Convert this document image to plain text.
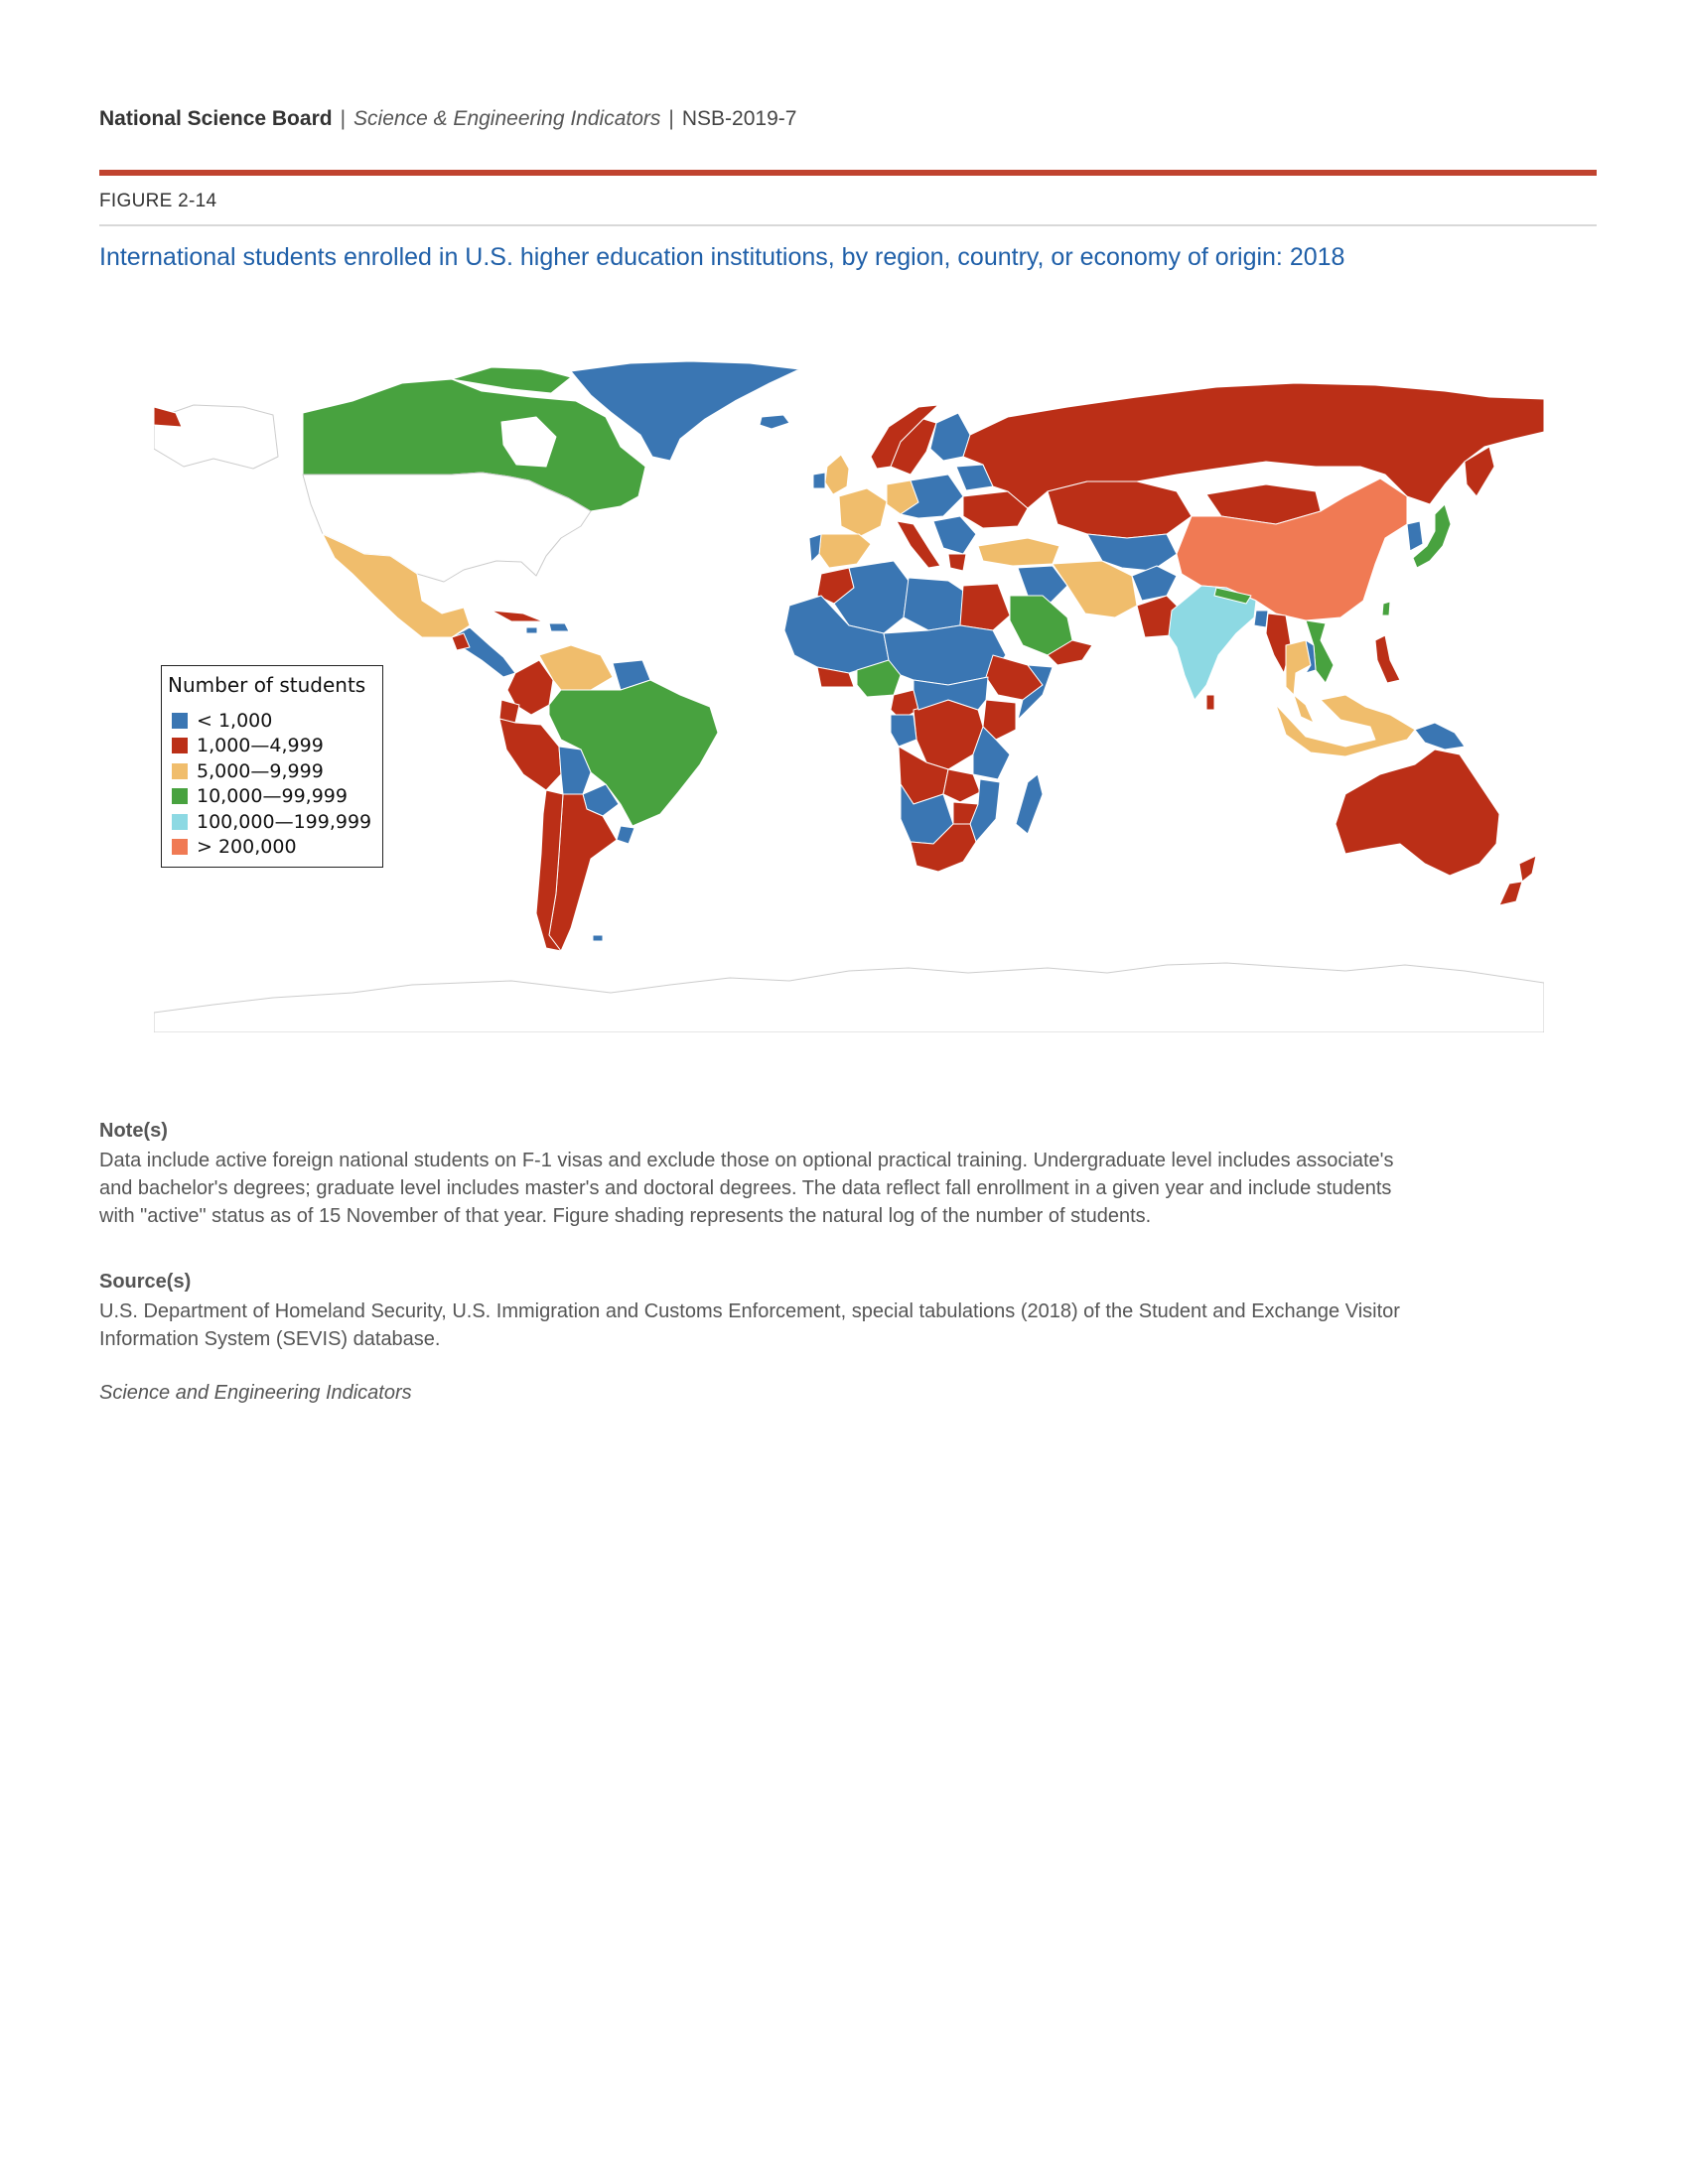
National Science Board | Science & Engineering Indicators | NSB-2019-7
FIGURE 2-14
International students enrolled in U.S. higher education institutions, by region, country, or economy of origin: 2018
Number of students
< 1,000
1,000—4,999
5,000—9,999
10,000—99,999
100,000—199,999
> 200,000
Note(s)
Data include active foreign national students on F-1 visas and exclude those on optional practical training. Undergraduate level includes associate's
and bachelor's degrees; graduate level includes master's and doctoral degrees. The data reflect fall enrollment in a given year and include students
with "active" status as of 15 November of that year. Figure shading represents the natural log of the number of students.
Source(s)
U.S. Department of Homeland Security, U.S. Immigration and Customs Enforcement, special tabulations (2018) of the Student and Exchange Visitor
Information System (SEVIS) database.
Science and Engineering Indicators
